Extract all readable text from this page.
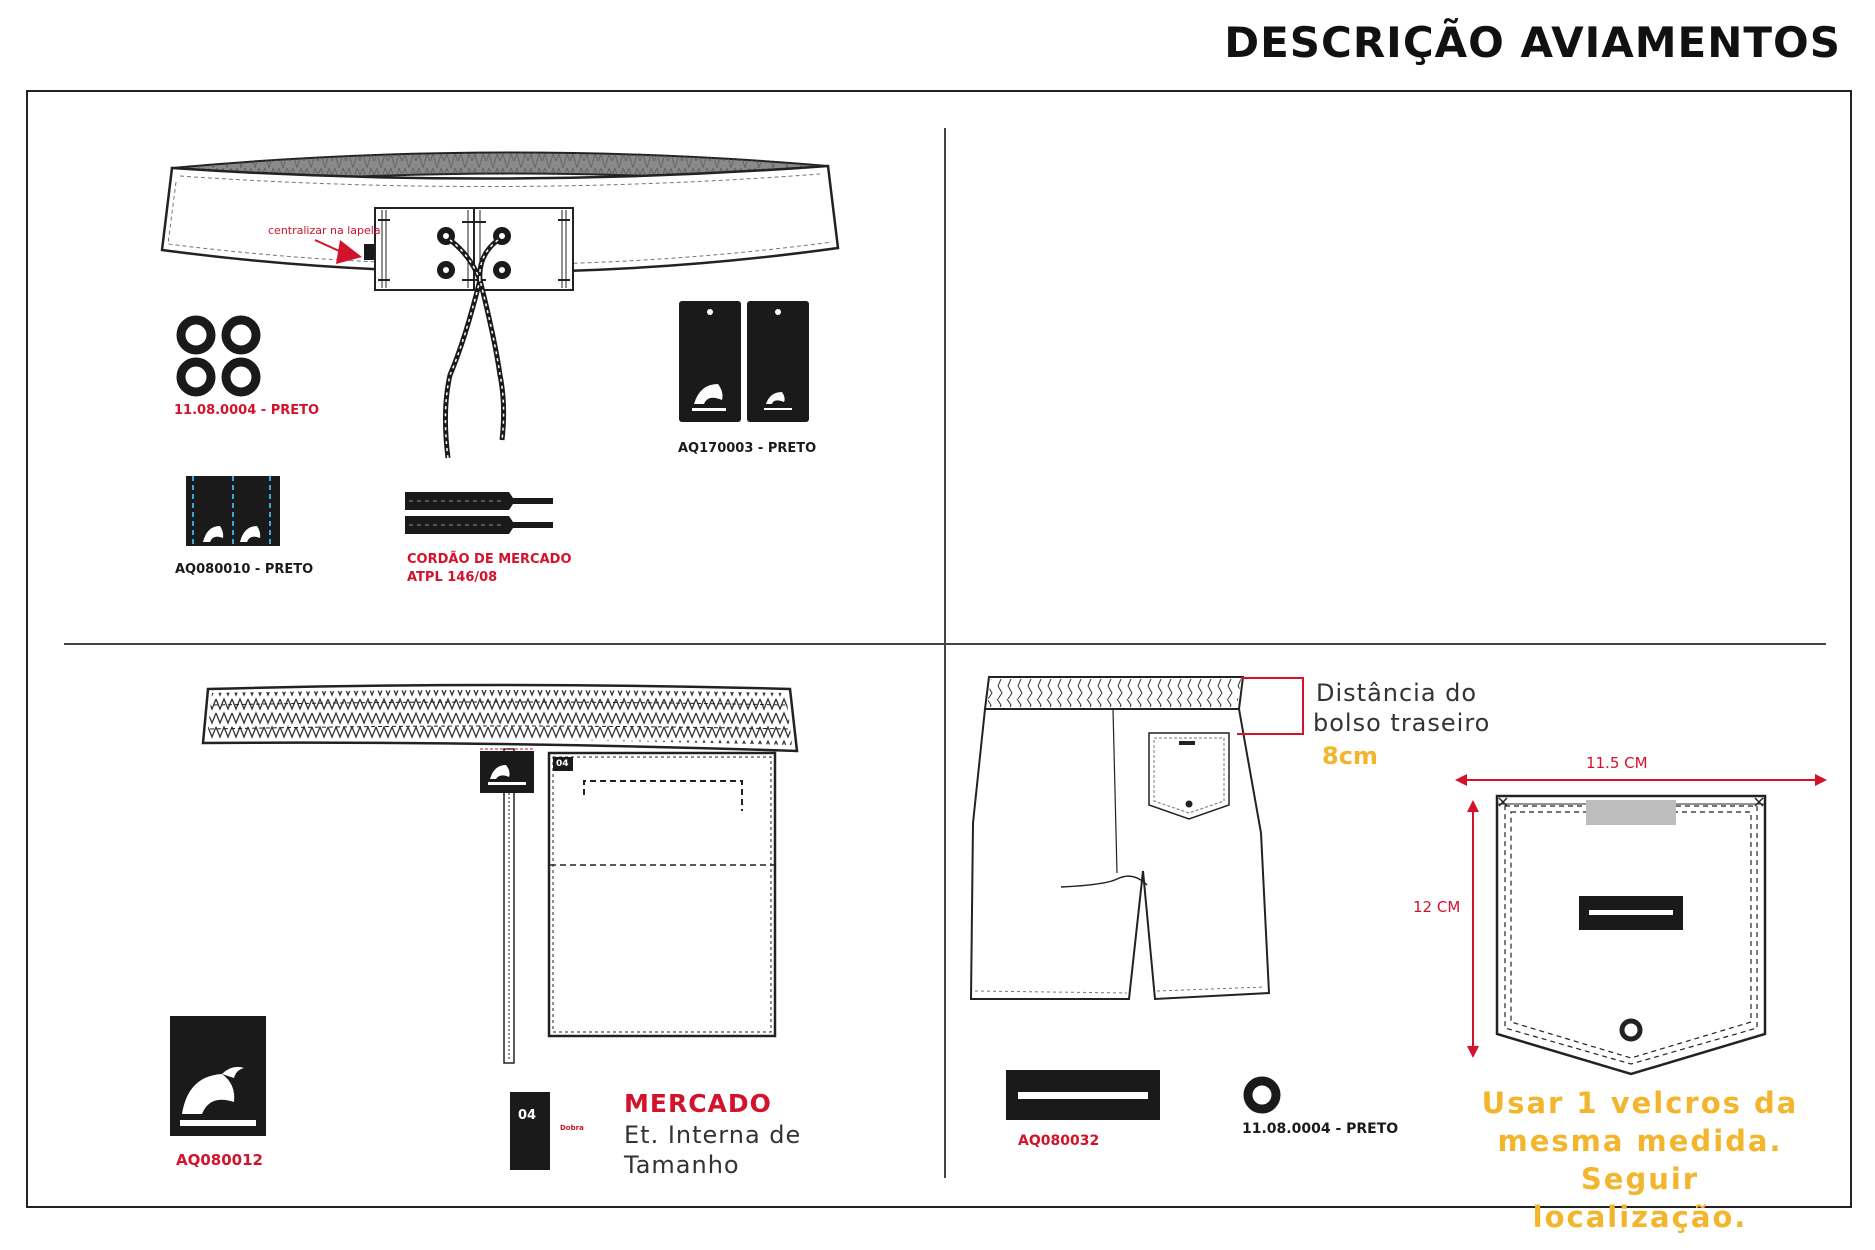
DESCRIÇÃO AVIAMENTOS
centralizar na lapela
11.08.0004 - PRETO
AQ170003 - PRETO
AQ080010 - PRETO
CORDÃO DE MERCADO
ATPL 146/08
04
AQ080012
04
Dobra
MERCADO
Et. Interna de
Tamanho
Distância do
bolso traseiro
8cm	11.5 CM
12 CM
AQ080032
11.08.0004 - PRETO
Usar 1 velcros da
mesma medida.
Seguir localização.
